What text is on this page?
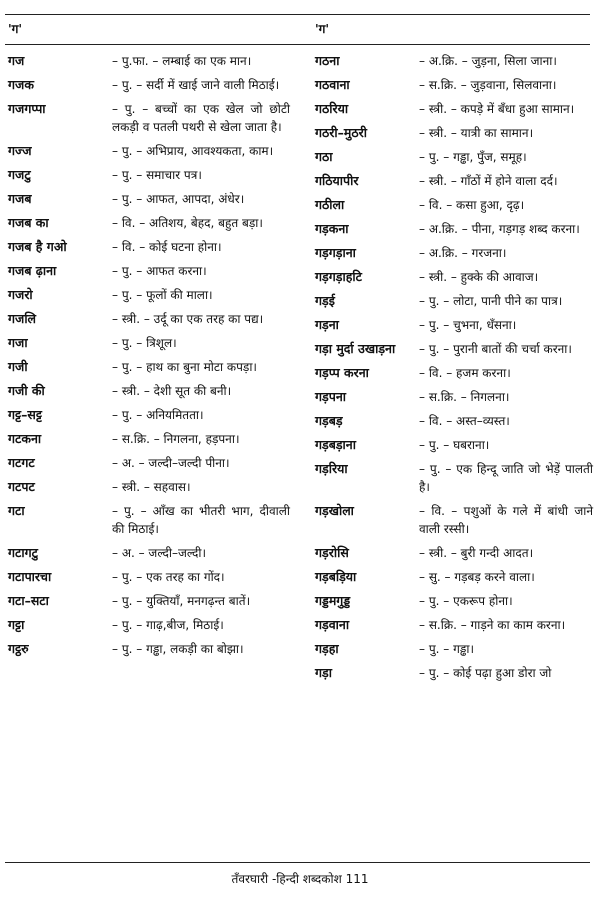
'ग'	'ग'
गज	– पु.फा. – लम्बाई का एक मान।
गजक	– पु. – सर्दी में खाई जाने वाली मिठाई।
गजगप्पा	– पु. – बच्चों का एक खेल जो छोटी लकड़ी व पतली पथरी से खेला जाता है।
गज्ज	– पु. – अभिप्राय, आवश्यकता, काम।
गजटु	– पु. – समाचार पत्र।
गजब	– पु. – आफत, आपदा, अंधेर।
गजब का	– वि. – अतिशय, बेहद, बहुत बड़ा।
गजब है गओ	– वि. – कोई घटना होना।
गजब ढ़ाना	– पु. – आफत करना।
गजरो	– पु. – फूलों की माला।
गजलि	– स्त्री. – उर्दू का एक तरह का पद्य।
गजा	– पु. – त्रिशूल।
गजी	– पु. – हाथ का बुना मोटा कपड़ा।
गजी की	– स्त्री. – देशी सूत की बनी।
गट्ट–सट्ट	– पु. – अनियमितता।
गटकना	– स.क्रि. – निगलना, हड़पना।
गटगट	– अ. – जल्दी–जल्दी पीना।
गटपट	– स्त्री. – सहवास।
गटा	– पु. – आँख का भीतरी भाग, दीवाली की मिठाई।
गटागटु	– अ. – जल्दी–जल्दी।
गटापारचा	– पु. – एक तरह का गोंद।
गटा–सटा	– पु. – युक्तियाँ, मनगढ़न्त बातें।
गट्टा	– पु. – गाढ़,बीज, मिठाई।
गट्ठरु	– पु. – गड्ढा, लकड़ी का बोझा।
गठना	– अ.क्रि. – जुड़ना, सिला जाना।
गठवाना	– स.क्रि. – जुड़वाना, सिलवाना।
गठरिया	– स्त्री. – कपड़े में बँधा हुआ सामान।
गठरी–मुठरी	– स्त्री. – यात्री का सामान।
गठा	– पु. – गड्ढा, पुँज, समूह।
गठियापीर	– स्त्री. – गाँठों में होने वाला दर्द।
गठीला	– वि. – कसा हुआ, दृढ़।
गड़कना	– अ.क्रि. – पीना, गड़गड़ शब्द करना।
गड़गड़ाना	– अ.क्रि. – गरजना।
गड़गड़ाहटि	– स्त्री. – हुक्के की आवाज।
गड़ई	– पु. – लोटा, पानी पीने का पात्र।
गड़ना	– पु. – चुभना, धँसना।
गड़ा मुर्दा उखाड़ना	– पु. – पुरानी बातों की चर्चा करना।
गड़प्प करना	– वि. – हजम करना।
गड़पना	– स.क्रि. – निगलना।
गड़बड़	– वि. – अस्त–व्यस्त।
गड़बड़ाना	– पु. – घबराना।
गड़रिया	– पु. – एक हिन्दू जाति जो भेड़ें पालती है।
गड़खोला	– वि. – पशुओं के गले में बांधी जाने वाली रस्सी।
गड़रोसि	– स्त्री. – बुरी गन्दी आदत।
गड़बड़िया	– सु. – गड़बड़ करने वाला।
गड्डमगुड्ड	– पु. – एकरूप होना।
गड़वाना	– स.क्रि. – गाड़ने का काम करना।
गड़हा	– पु. – गड्ढा।
गड़ा	– पु. – कोई पढ़ा हुआ डोरा जो
तँवरघारी -हिन्दी शब्दकोश 111
